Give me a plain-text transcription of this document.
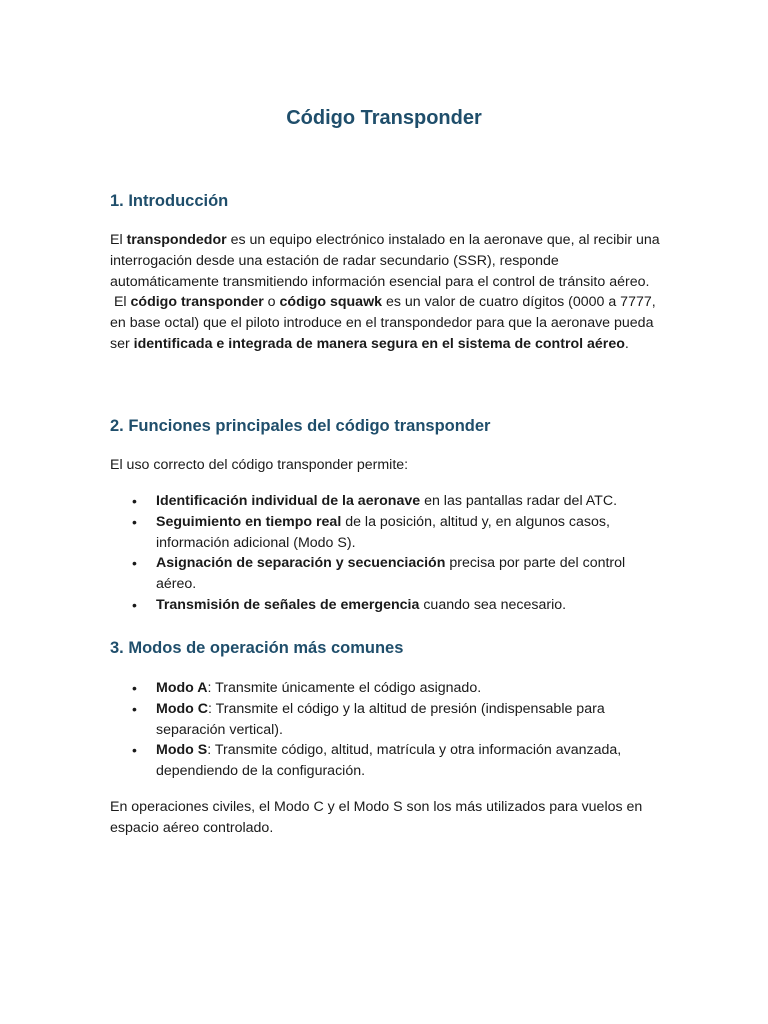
Código Transponder
1. Introducción

El transpondedor es un equipo electrónico instalado en la aeronave que, al recibir una interrogación desde una estación de radar secundario (SSR), responde automáticamente transmitiendo información esencial para el control de tránsito aéreo.

El código transponder o código squawk es un valor de cuatro dígitos (0000 a 7777, en base octal) que el piloto introduce en el transpondedor para que la aeronave pueda ser identificada e integrada de manera segura en el sistema de control aéreo.

2. Funciones principales del código transponder

El uso correcto del código transponder permite:

• Identificación individual de la aeronave en las pantallas radar del ATC.
• Seguimiento en tiempo real de la posición, altitud y, en algunos casos, información adicional (Modo S).
• Asignación de separación y secuenciación precisa por parte del control aéreo.
• Transmisión de señales de emergencia cuando sea necesario.
3. Modos de operación más comunes
• Modo A: Transmite únicamente el código asignado.
• Modo C: Transmite el código y la altitud de presión (indispensable para separación vertical).
• Modo S: Transmite código, altitud, matrícula y otra información avanzada, dependiendo de la configuración.

En operaciones civiles, el Modo C y el Modo S son los más utilizados para vuelos en espacio aéreo controlado.
